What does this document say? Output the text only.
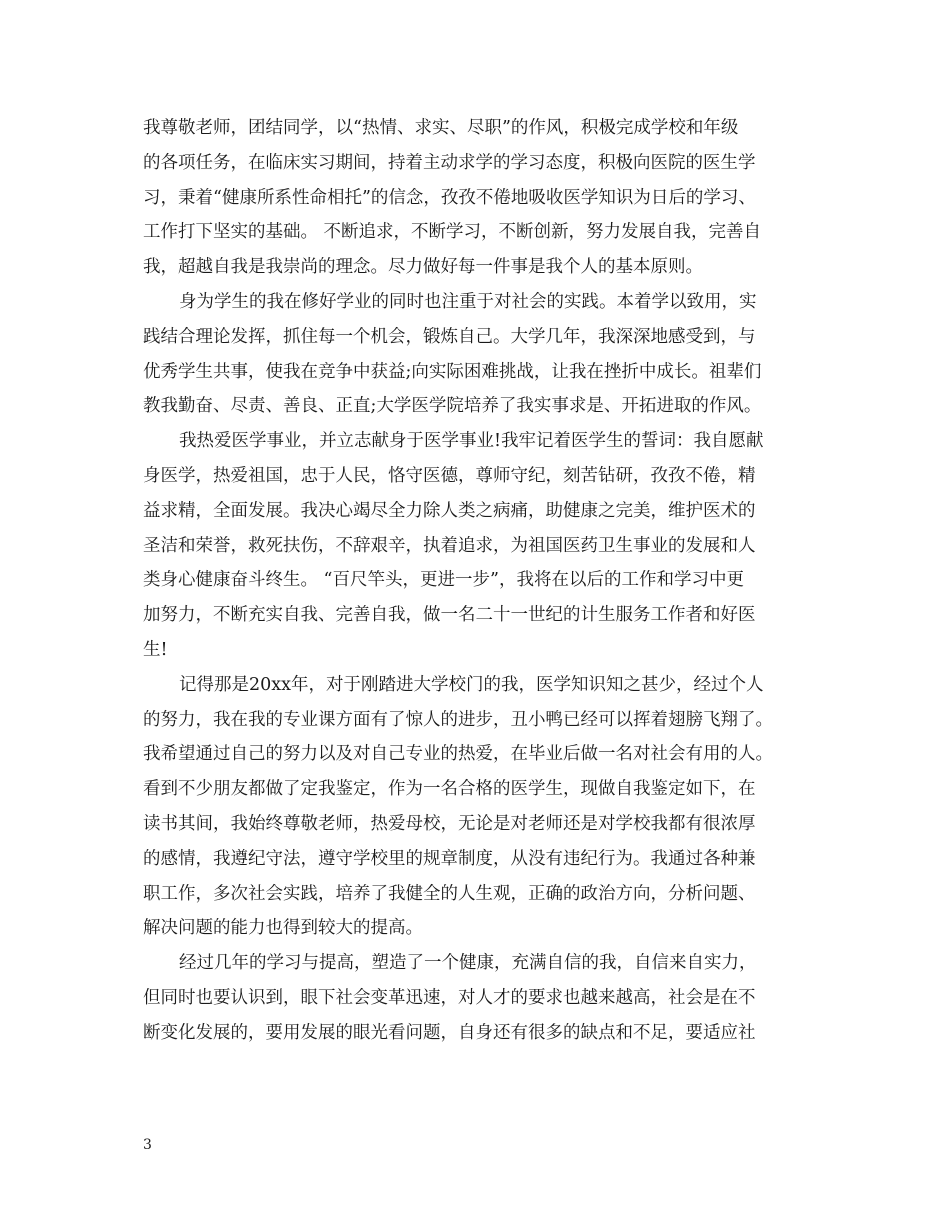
我尊敬老师，团结同学，以“热情、求实、尽职”的作风，积极完成学校和年级
的各项任务，在临床实习期间，持着主动求学的学习态度，积极向医院的医生学
习，秉着“健康所系性命相托”的信念，孜孜不倦地吸收医学知识为日后的学习、
工作打下坚实的基础。 不断追求，不断学习，不断创新，努力发展自我，完善自
我，超越自我是我崇尚的理念。尽力做好每一件事是我个人的基本原则。
身为学生的我在修好学业的同时也注重于对社会的实践。本着学以致用，实
践结合理论发挥，抓住每一个机会，锻炼自己。大学几年，我深深地感受到，与
优秀学生共事，使我在竞争中获益;向实际困难挑战，让我在挫折中成长。祖辈们
教我勤奋、尽责、善良、正直;大学医学院培养了我实事求是、开拓进取的作风。
我热爱医学事业，并立志献身于医学事业!我牢记着医学生的誓词：我自愿献
身医学，热爱祖国，忠于人民，恪守医德，尊师守纪，刻苦钻研，孜孜不倦，精
益求精，全面发展。我决心竭尽全力除人类之病痛，助健康之完美，维护医术的
圣洁和荣誉，救死扶伤，不辞艰辛，执着追求，为祖国医药卫生事业的发展和人
类身心健康奋斗终生。 “百尺竿头，更进一步”，我将在以后的工作和学习中更
加努力，不断充实自我、完善自我，做一名二十一世纪的计生服务工作者和好医
生!
记得那是20xx年，对于刚踏进大学校门的我，医学知识知之甚少，经过个人
的努力，我在我的专业课方面有了惊人的进步，丑小鸭已经可以挥着翅膀飞翔了。
我希望通过自己的努力以及对自己专业的热爱，在毕业后做一名对社会有用的人。
看到不少朋友都做了定我鉴定，作为一名合格的医学生，现做自我鉴定如下，在
读书其间，我始终尊敬老师，热爱母校，无论是对老师还是对学校我都有很浓厚
的感情，我遵纪守法，遵守学校里的规章制度，从没有违纪行为。我通过各种兼
职工作，多次社会实践，培养了我健全的人生观，正确的政治方向，分析问题、
解决问题的能力也得到较大的提高。
经过几年的学习与提高，塑造了一个健康，充满自信的我，自信来自实力，
但同时也要认识到，眼下社会变革迅速，对人才的要求也越来越高，社会是在不
断变化发展的，要用发展的眼光看问题，自身还有很多的缺点和不足，要适应社
3
